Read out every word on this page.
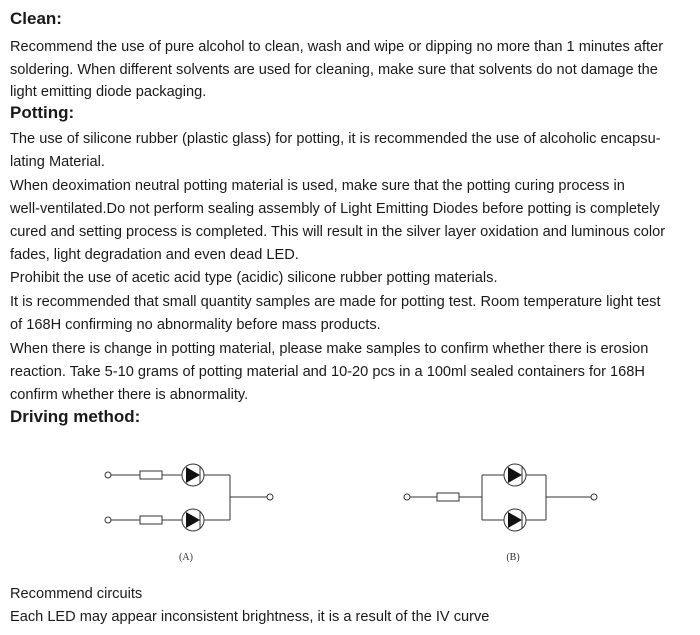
Clean:
Recommend the use of pure alcohol to clean, wash and wipe or dipping no more than 1 minutes after
soldering. When different solvents are used for cleaning, make sure that solvents do not damage the
light emitting diode packaging.
Potting:
The use of silicone rubber (plastic glass) for potting, it is recommended the use of alcoholic encapsu-
lating Material.
When deoximation neutral potting material is used, make sure that the potting curing process in
well-ventilated.Do not perform sealing assembly of Light Emitting Diodes before potting is completely
cured and setting process is completed. This will result in the silver layer oxidation and luminous color
fades, light degradation and even dead LED.
Prohibit the use of acetic acid type (acidic) silicone rubber potting materials.
It is recommended that small quantity samples are made for potting test. Room temperature light test
of 168H confirming no abnormality before mass products.
When there is change in potting material, please make samples to confirm whether there is erosion
reaction. Take 5-10 grams of potting material and 10-20 pcs in a 100ml sealed containers for 168H
confirm whether there is abnormality.
Driving method:
(A)	(B)
Recommend circuits
Each LED may appear inconsistent brightness, it is a result of the IV curve
